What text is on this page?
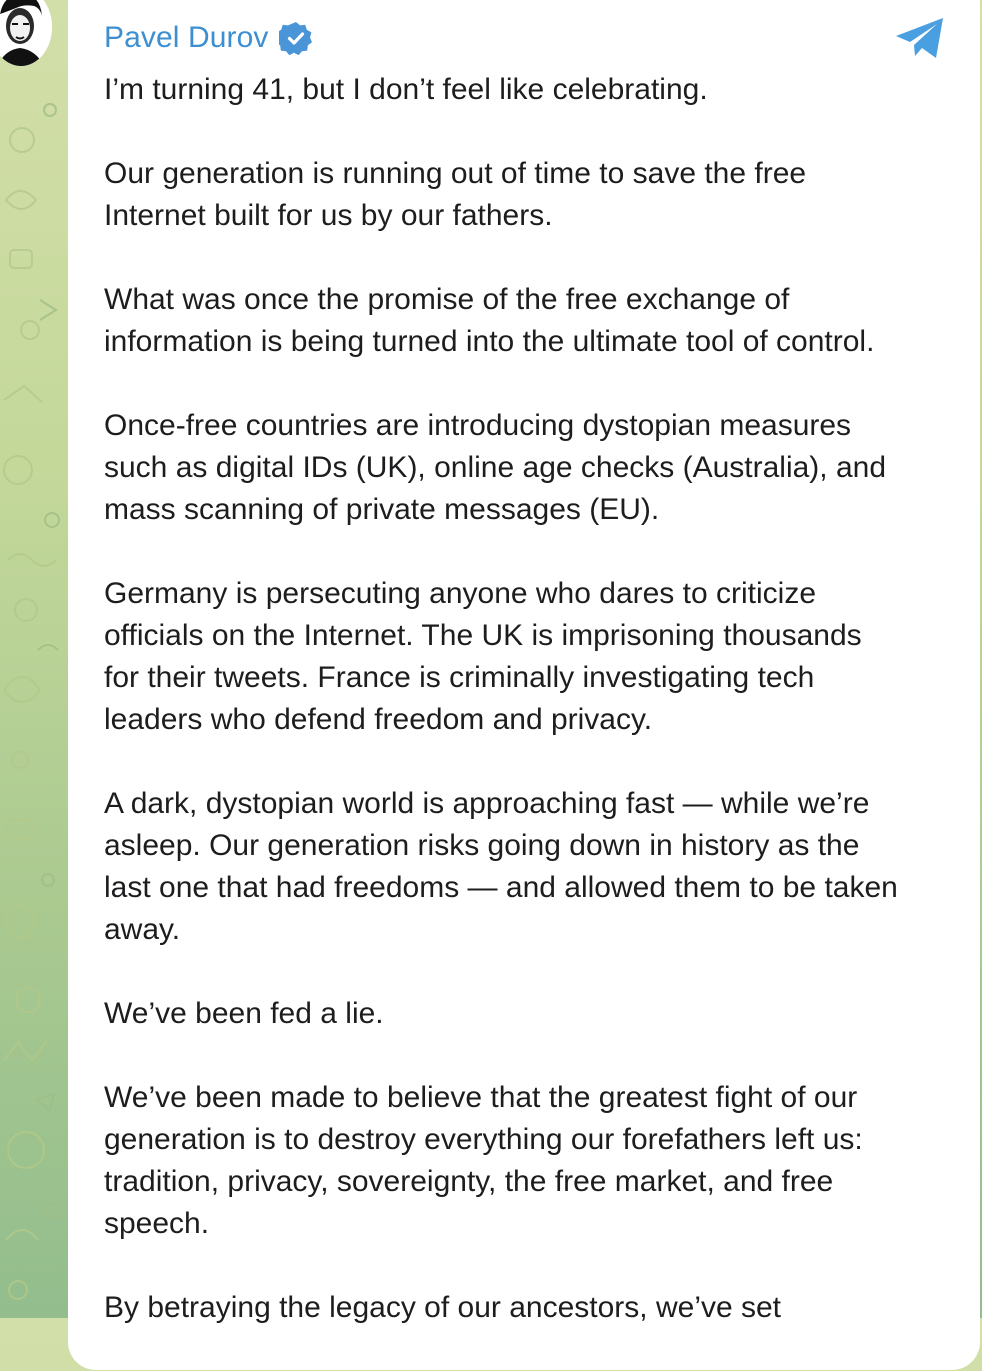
Pavel Durov

I’m turning 41, but I don’t feel like celebrating.

Our generation is running out of time to save the free
Internet built for us by our fathers.

What was once the promise of the free exchange of
information is being turned into the ultimate tool of control.

Once-free countries are introducing dystopian measures
such as digital IDs (UK), online age checks (Australia), and
mass scanning of private messages (EU).

Germany is persecuting anyone who dares to criticize
officials on the Internet. The UK is imprisoning thousands
for their tweets. France is criminally investigating tech
leaders who defend freedom and privacy.

A dark, dystopian world is approaching fast — while we’re
asleep. Our generation risks going down in history as the
last one that had freedoms — and allowed them to be taken
away.

We’ve been fed a lie.

We’ve been made to believe that the greatest fight of our
generation is to destroy everything our forefathers left us:
tradition, privacy, sovereignty, the free market, and free
speech.

By betraying the legacy of our ancestors, we’ve set
